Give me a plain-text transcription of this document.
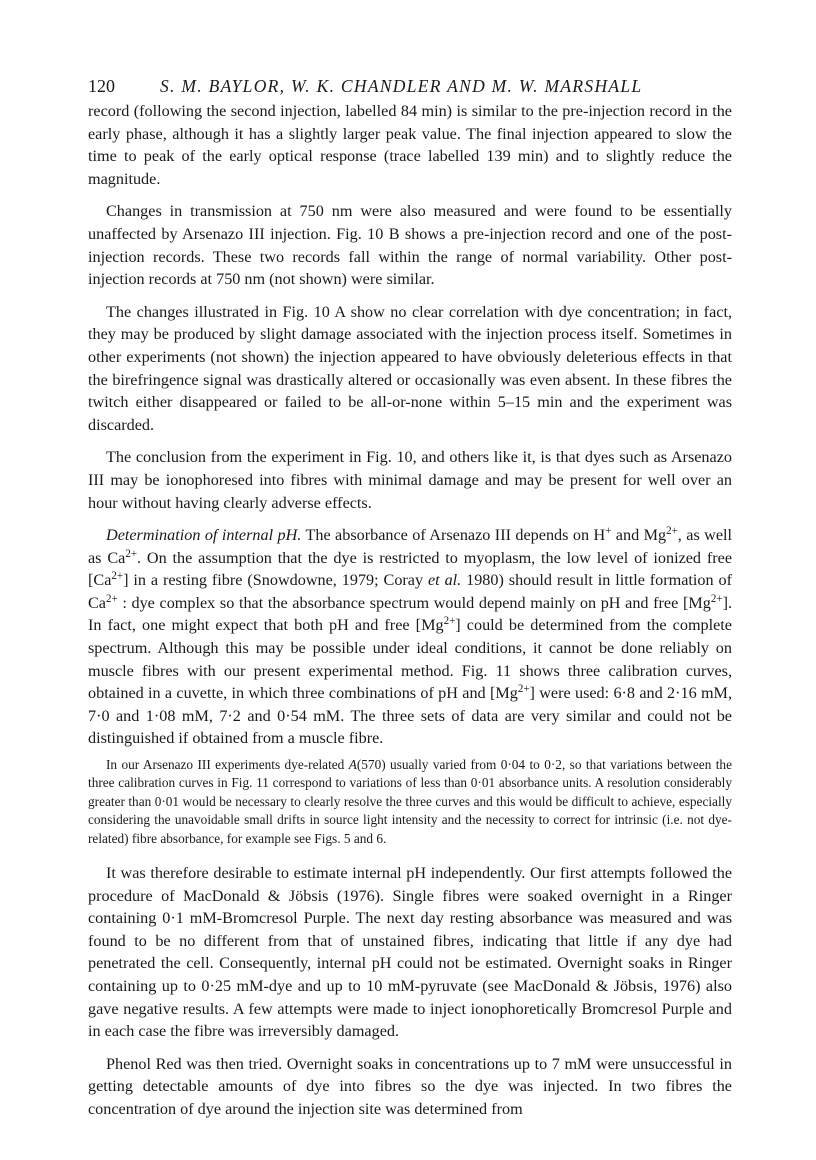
120	S. M. BAYLOR, W. K. CHANDLER AND M. W. MARSHALL

record (following the second injection, labelled 84 min) is similar to the pre-injection record in the early phase, although it has a slightly larger peak value. The final injection appeared to slow the time to peak of the early optical response (trace labelled 139 min) and to slightly reduce the magnitude.

Changes in transmission at 750 nm were also measured and were found to be essentially unaffected by Arsenazo III injection. Fig. 10 B shows a pre-injection record and one of the post-injection records. These two records fall within the range of normal variability. Other post-injection records at 750 nm (not shown) were similar.

The changes illustrated in Fig. 10 A show no clear correlation with dye concentration; in fact, they may be produced by slight damage associated with the injection process itself. Sometimes in other experiments (not shown) the injection appeared to have obviously deleterious effects in that the birefringence signal was drastically altered or occasionally was even absent. In these fibres the twitch either disappeared or failed to be all-or-none within 5–15 min and the experiment was discarded.

The conclusion from the experiment in Fig. 10, and others like it, is that dyes such as Arsenazo III may be ionophoresed into fibres with minimal damage and may be present for well over an hour without having clearly adverse effects.

Determination of internal pH. The absorbance of Arsenazo III depends on H+ and $Mg^{2+}$, as well as $Ca^{2+}$. On the assumption that the dye is restricted to myoplasm, the low level of ionized free $[Ca^{2+}]$ in a resting fibre (Snowdowne, 1979; Coray et al. 1980) should result in little formation of $Ca^{2+}$ : dye complex so that the absorbance spectrum would depend mainly on pH and free $[Mg^{2+}]$. In fact, one might expect that both pH and free $[Mg^{2+}]$ could be determined from the complete spectrum. Although this may be possible under ideal conditions, it cannot be done reliably on muscle fibres with our present experimental method. Fig. 11 shows three calibration curves, obtained in a cuvette, in which three combinations of pH and $[Mg^{2+}]$ were used: 6·8 and 2·16 mM, 7·0 and 1·08 mM, 7·2 and 0·54 mM. The three sets of data are very similar and could not be distinguished if obtained from a muscle fibre.

In our Arsenazo III experiments dye-related A(570) usually varied from 0·04 to 0·2, so that variations between the three calibration curves in Fig. 11 correspond to variations of less than 0·01 absorbance units. A resolution considerably greater than 0·01 would be necessary to clearly resolve the three curves and this would be difficult to achieve, especially considering the unavoidable small drifts in source light intensity and the necessity to correct for intrinsic (i.e. not dye-related) fibre absorbance, for example see Figs. 5 and 6.

It was therefore desirable to estimate internal pH independently. Our first attempts followed the procedure of MacDonald & Jöbsis (1976). Single fibres were soaked overnight in a Ringer containing 0·1 mM-Bromcresol Purple. The next day resting absorbance was measured and was found to be no different from that of unstained fibres, indicating that little if any dye had penetrated the cell. Consequently, internal pH could not be estimated. Overnight soaks in Ringer containing up to 0·25 mM-dye and up to 10 mM-pyruvate (see MacDonald & Jöbsis, 1976) also gave negative results. A few attempts were made to inject ionophoretically Bromcresol Purple and in each case the fibre was irreversibly damaged.

Phenol Red was then tried. Overnight soaks in concentrations up to 7 mM were unsuccessful in getting detectable amounts of dye into fibres so the dye was injected. In two fibres the concentration of dye around the injection site was determined from
